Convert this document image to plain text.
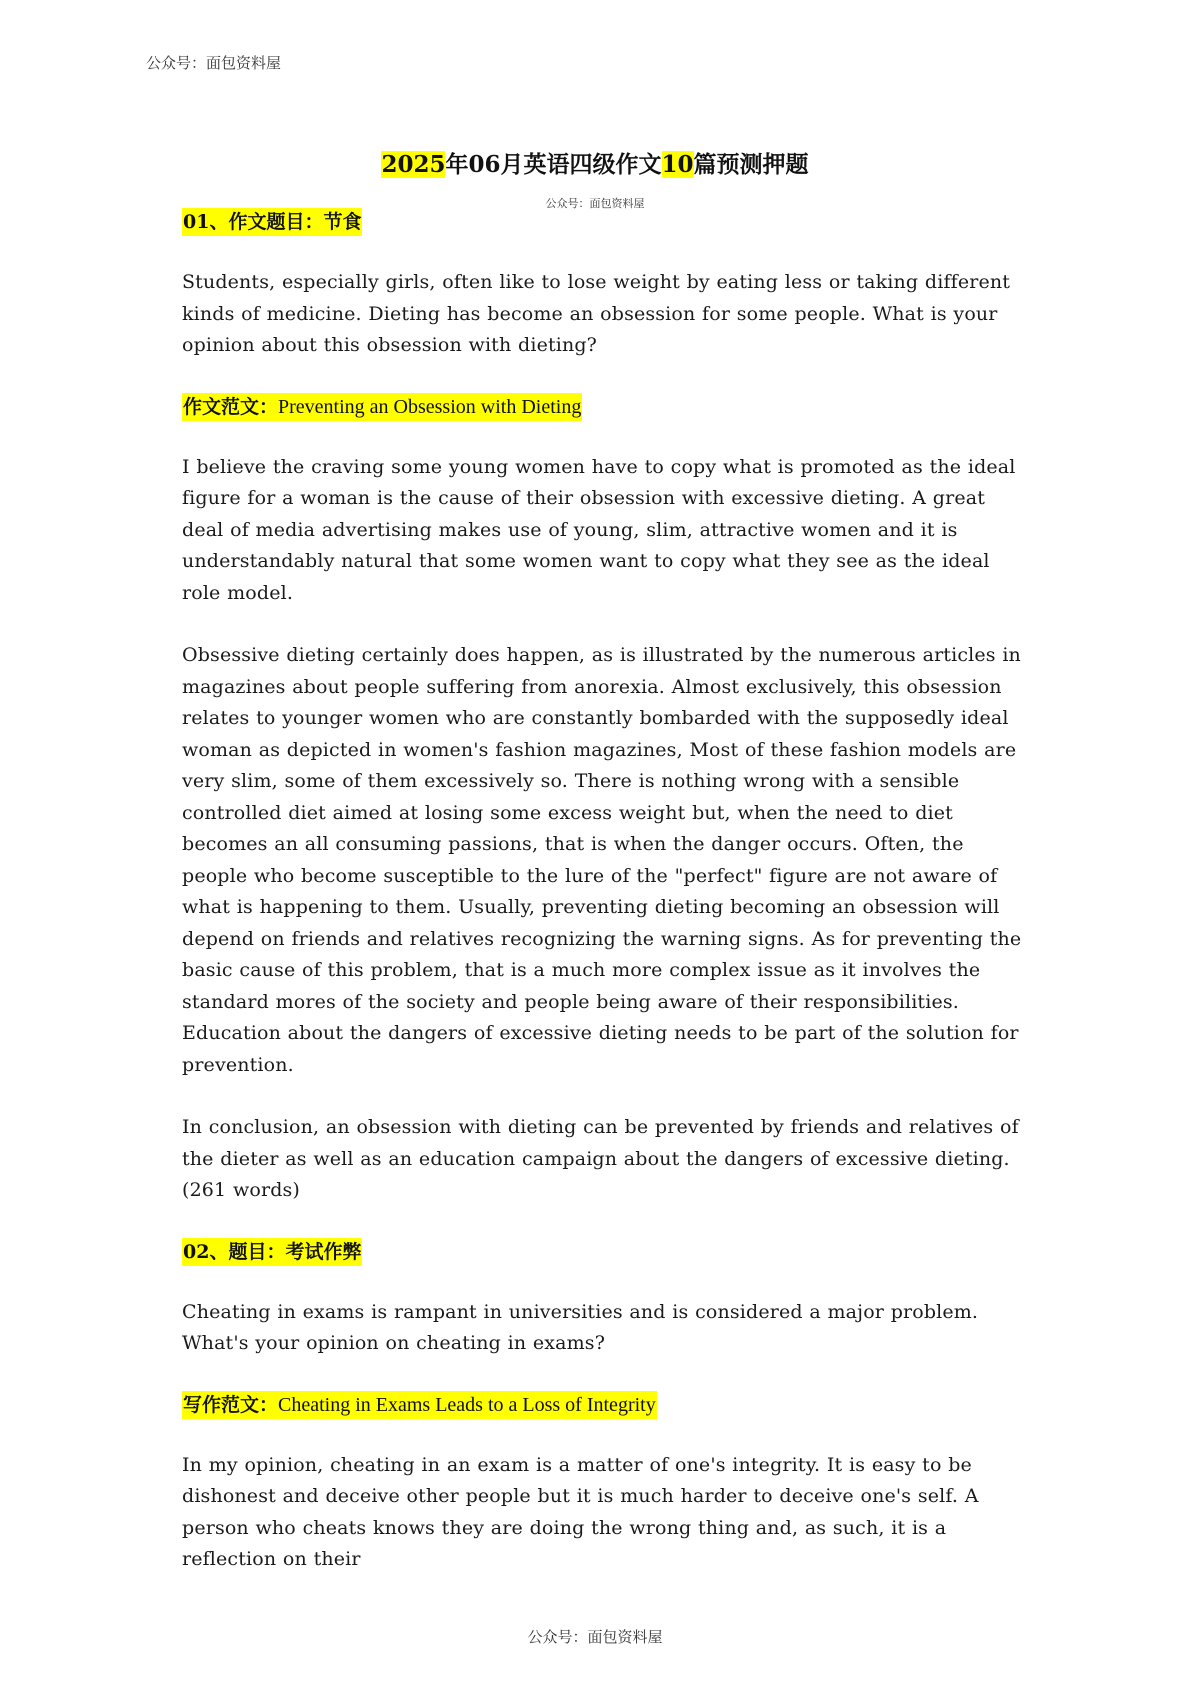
公众号：面包资料屋
2025年06月英语四级作文10篇预测押题
公众号：面包资料屋
01、作文题目：节食

Students, especially girls, often like to lose weight by eating less or taking different kinds of medicine. Dieting has become an obsession for some people. What is your opinion about this obsession with dieting?

作文范文：Preventing an Obsession with Dieting

I believe the craving some young women have to copy what is promoted as the ideal figure for a woman is the cause of their obsession with excessive dieting. A great deal of media advertising makes use of young, slim, attractive women and it is understandably natural that some women want to copy what they see as the ideal role model.

Obsessive dieting certainly does happen, as is illustrated by the numerous articles in magazines about people suffering from anorexia. Almost exclusively, this obsession relates to younger women who are constantly bombarded with the supposedly ideal woman as depicted in women's fashion magazines, Most of these fashion models are very slim, some of them excessively so. There is nothing wrong with a sensible controlled diet aimed at losing some excess weight but, when the need to diet becomes an all consuming passions, that is when the danger occurs. Often, the people who become susceptible to the lure of the "perfect" figure are not aware of what is happening to them. Usually, preventing dieting becoming an obsession will depend on friends and relatives recognizing the warning signs. As for preventing the basic cause of this problem, that is a much more complex issue as it involves the standard mores of the society and people being aware of their responsibilities. Education about the dangers of excessive dieting needs to be part of the solution for prevention.

In conclusion, an obsession with dieting can be prevented by friends and relatives of the dieter as well as an education campaign about the dangers of excessive dieting. (261 words)

02、题目：考试作弊

Cheating in exams is rampant in universities and is considered a major problem. What's your opinion on cheating in exams?

写作范文：Cheating in Exams Leads to a Loss of Integrity

In my opinion, cheating in an exam is a matter of one's integrity. It is easy to be dishonest and deceive other people but it is much harder to deceive one's self. A person who cheats knows they are doing the wrong thing and, as such, it is a reflection on their

公众号：面包资料屋
